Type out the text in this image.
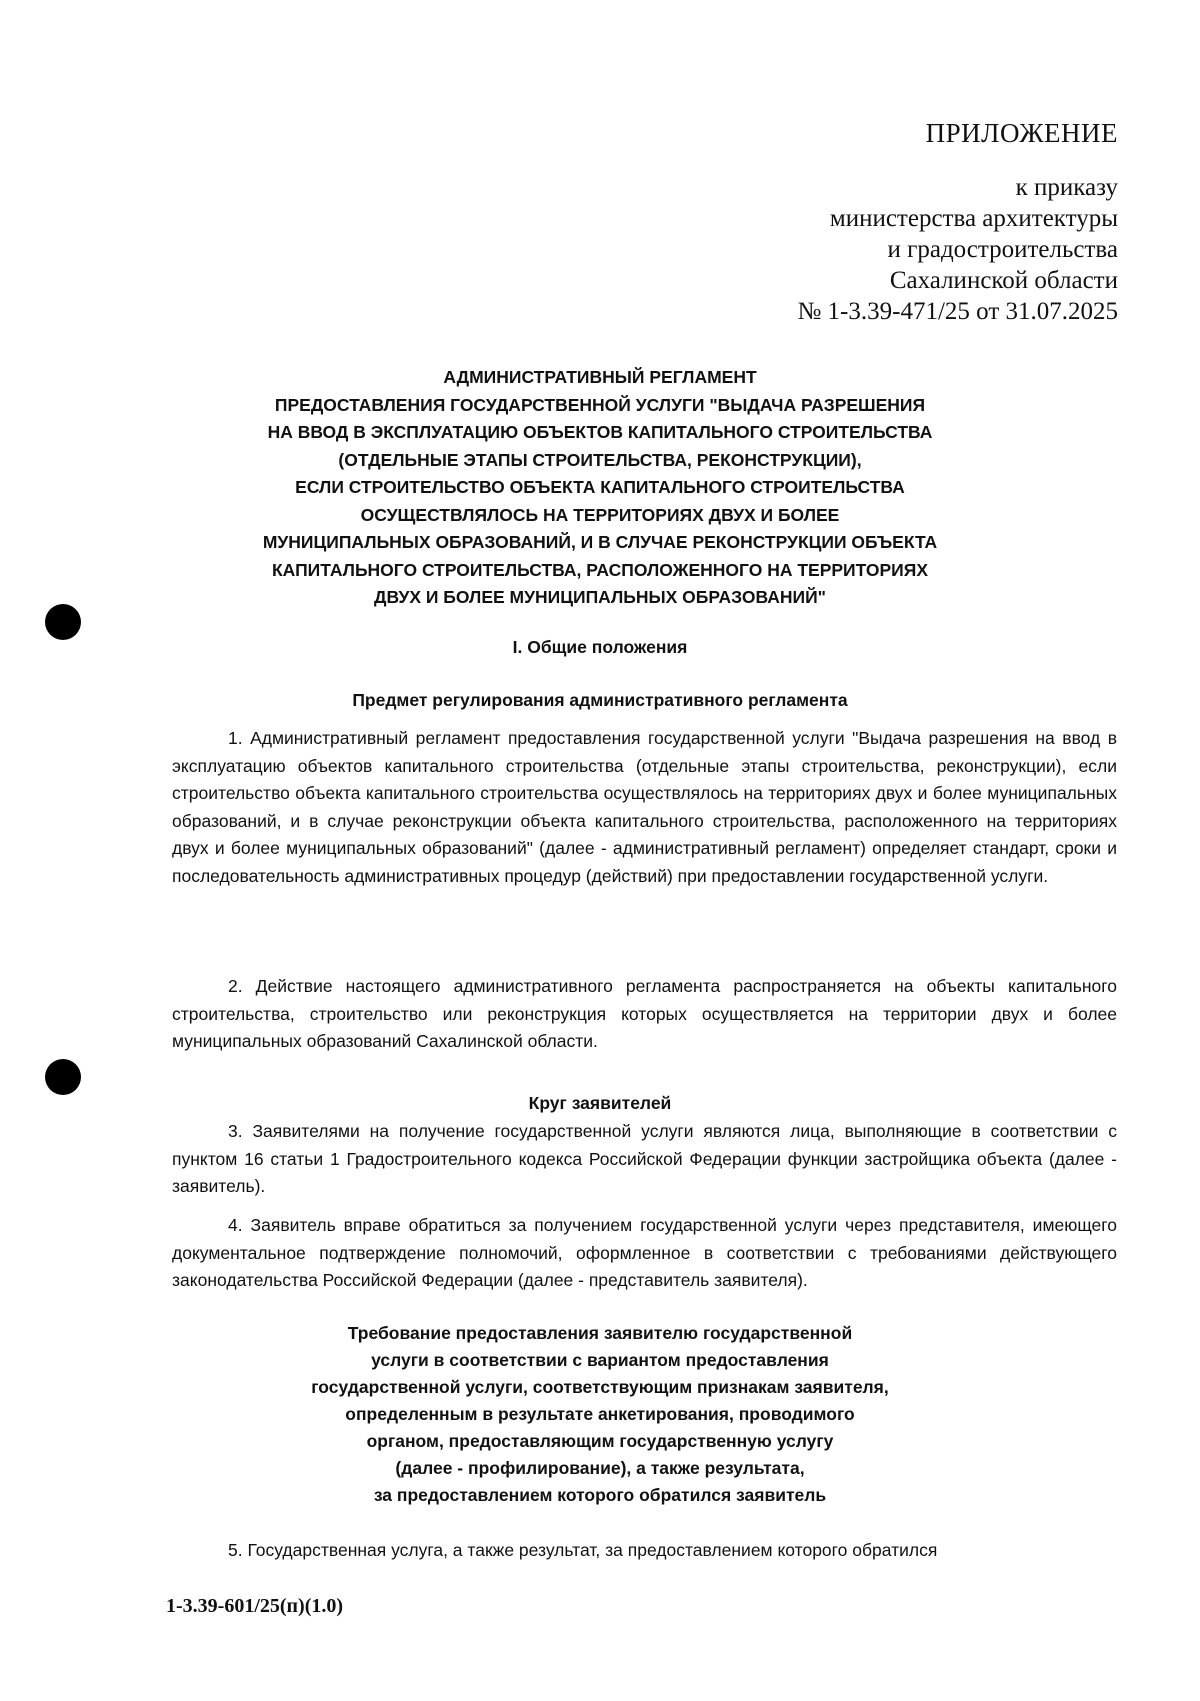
ПРИЛОЖЕНИЕ
к приказу
министерства архитектуры
и градостроительства
Сахалинской области
№ 1-3.39-471/25 от 31.07.2025
АДМИНИСТРАТИВНЫЙ РЕГЛАМЕНТ
ПРЕДОСТАВЛЕНИЯ ГОСУДАРСТВЕННОЙ УСЛУГИ "ВЫДАЧА РАЗРЕШЕНИЯ
НА ВВОД В ЭКСПЛУАТАЦИЮ ОБЪЕКТОВ КАПИТАЛЬНОГО СТРОИТЕЛЬСТВА
(ОТДЕЛЬНЫЕ ЭТАПЫ СТРОИТЕЛЬСТВА, РЕКОНСТРУКЦИИ),
ЕСЛИ СТРОИТЕЛЬСТВО ОБЪЕКТА КАПИТАЛЬНОГО СТРОИТЕЛЬСТВА
ОСУЩЕСТВЛЯЛОСЬ НА ТЕРРИТОРИЯХ ДВУХ И БОЛЕЕ
МУНИЦИПАЛЬНЫХ ОБРАЗОВАНИЙ, И В СЛУЧАЕ РЕКОНСТРУКЦИИ ОБЪЕКТА
КАПИТАЛЬНОГО СТРОИТЕЛЬСТВА, РАСПОЛОЖЕННОГО НА ТЕРРИТОРИЯХ
ДВУХ И БОЛЕЕ МУНИЦИПАЛЬНЫХ ОБРАЗОВАНИЙ"
I. Общие положения
Предмет регулирования административного регламента

1. Административный регламент предоставления государственной услуги "Выдача разрешения на ввод в эксплуатацию объектов капитального строительства (отдельные этапы строительства, реконструкции), если строительство объекта капитального строительства осуществлялось на территориях двух и более муниципальных образований, и в случае реконструкции объекта капитального строительства, расположенного на территориях двух и более муниципальных образований" (далее - административный регламент) определяет стандарт, сроки и последовательность административных процедур (действий) при предоставлении государственной услуги.

2. Действие настоящего административного регламента распространяется на объекты капитального строительства, строительство или реконструкция которых осуществляется на территории двух и более муниципальных образований Сахалинской области.

Круг заявителей

3. Заявителями на получение государственной услуги являются лица, выполняющие в соответствии с пунктом 16 статьи 1 Градостроительного кодекса Российской Федерации функции застройщика объекта (далее - заявитель).

4. Заявитель вправе обратиться за получением государственной услуги через представителя, имеющего документальное подтверждение полномочий, оформленное в соответствии с требованиями действующего законодательства Российской Федерации (далее - представитель заявителя).

Требование предоставления заявителю государственной
услуги в соответствии с вариантом предоставления
государственной услуги, соответствующим признакам заявителя,
определенным в результате анкетирования, проводимого
органом, предоставляющим государственную услугу
(далее - профилирование), а также результата,
за предоставлением которого обратился заявитель
5. Государственная услуга, а также результат, за предоставлением которого обратился
1-3.39-601/25(п)(1.0)
